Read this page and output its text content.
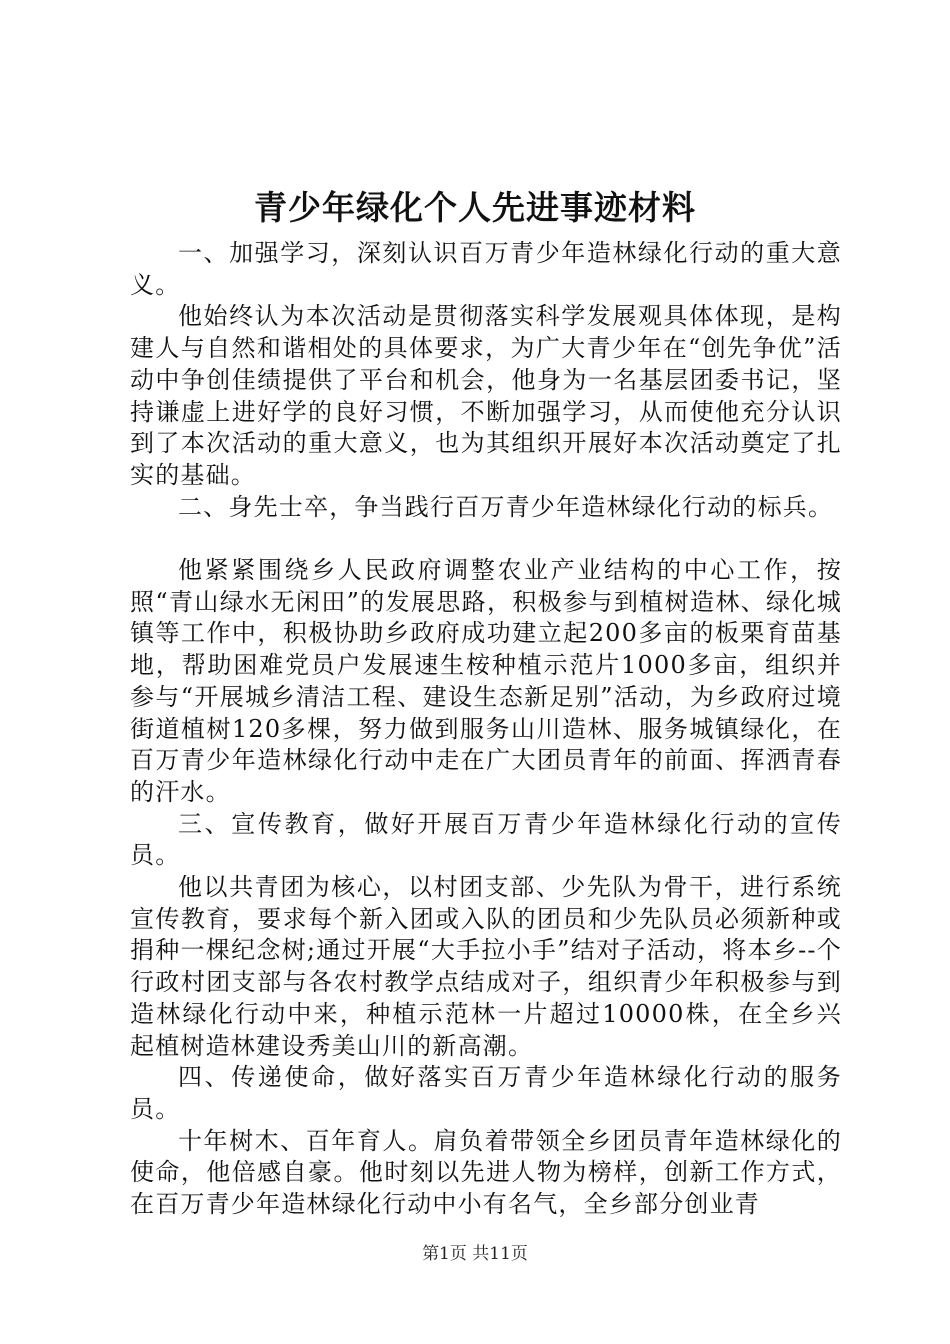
青少年绿化个人先进事迹材料

一、加强学习，深刻认识百万青少年造林绿化行动的重大意义。

他始终认为本次活动是贯彻落实科学发展观具体体现，是构建人与自然和谐相处的具体要求，为广大青少年在“创先争优”活动中争创佳绩提供了平台和机会，他身为一名基层团委书记，坚持谦虚上进好学的良好习惯，不断加强学习，从而使他充分认识到了本次活动的重大意义，也为其组织开展好本次活动奠定了扎实的基础。

二、身先士卒，争当践行百万青少年造林绿化行动的标兵。

他紧紧围绕乡人民政府调整农业产业结构的中心工作，按照“青山绿水无闲田”的发展思路，积极参与到植树造林、绿化城镇等工作中，积极协助乡政府成功建立起200多亩的板栗育苗基地，帮助困难党员户发展速生桉种植示范片1000多亩，组织并参与“开展城乡清洁工程、建设生态新足别”活动，为乡政府过境街道植树120多棵，努力做到服务山川造林、服务城镇绿化，在百万青少年造林绿化行动中走在广大团员青年的前面、挥洒青春的汗水。

三、宣传教育，做好开展百万青少年造林绿化行动的宣传员。

他以共青团为核心，以村团支部、少先队为骨干，进行系统宣传教育，要求每个新入团或入队的团员和少先队员必须新种或捐种一棵纪念树;通过开展“大手拉小手”结对子活动，将本乡--个行政村团支部与各农村教学点结成对子，组织青少年积极参与到造林绿化行动中来，种植示范林一片超过10000株，在全乡兴起植树造林建设秀美山川的新高潮。

四、传递使命，做好落实百万青少年造林绿化行动的服务员。

十年树木、百年育人。肩负着带领全乡团员青年造林绿化的使命，他倍感自豪。他时刻以先进人物为榜样，创新工作方式，在百万青少年造林绿化行动中小有名气，全乡部分创业青

第1页 共11页
